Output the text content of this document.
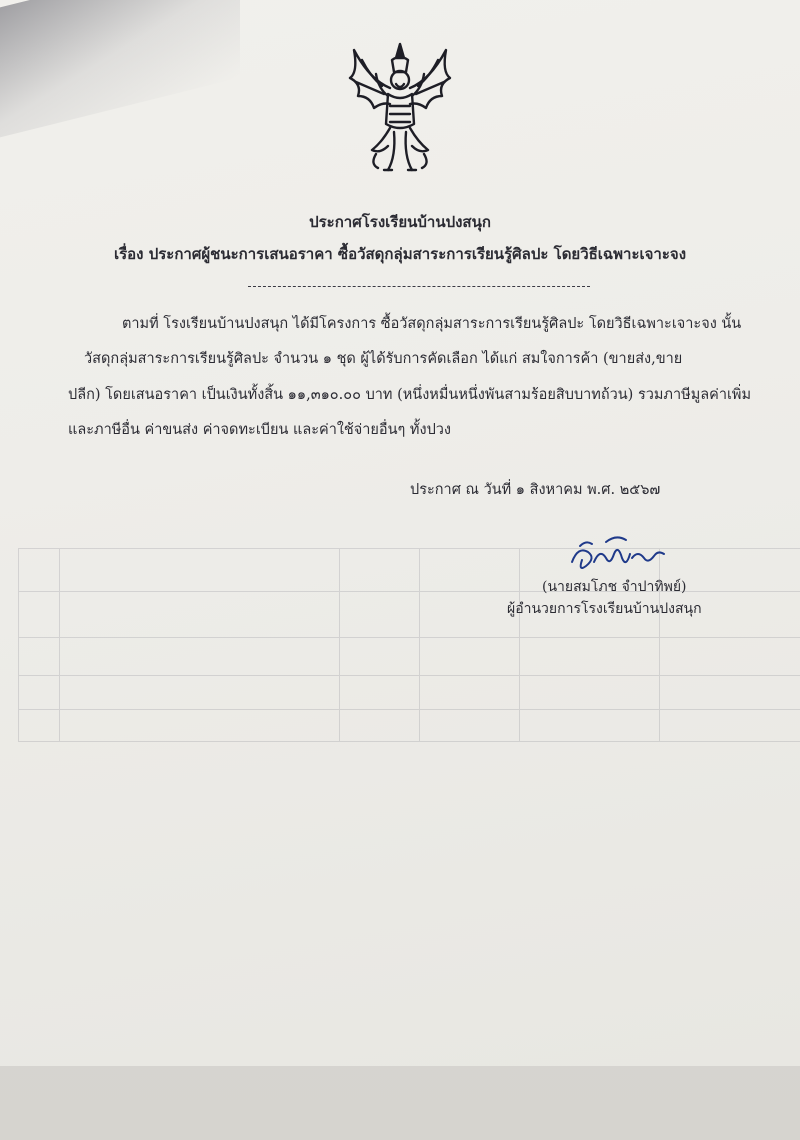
ประกาศโรงเรียนบ้านปงสนุก
เรื่อง ประกาศผู้ชนะการเสนอราคา ซื้อวัสดุกลุ่มสาระการเรียนรู้ศิลปะ โดยวิธีเฉพาะเจาะจง
ตามที่ โรงเรียนบ้านปงสนุก ได้มีโครงการ ซื้อวัสดุกลุ่มสาระการเรียนรู้ศิลปะ โดยวิธีเฉพาะเจาะจง นั้น
วัสดุกลุ่มสาระการเรียนรู้ศิลปะ จำนวน ๑ ชุด ผู้ได้รับการคัดเลือก ได้แก่ สมใจการค้า (ขายส่ง,ขาย
ปลีก) โดยเสนอราคา เป็นเงินทั้งสิ้น ๑๑,๓๑๐.๐๐ บาท (หนึ่งหมื่นหนึ่งพันสามร้อยสิบบาทถ้วน) รวมภาษีมูลค่าเพิ่ม
และภาษีอื่น ค่าขนส่ง ค่าจดทะเบียน และค่าใช้จ่ายอื่นๆ ทั้งปวง
ประกาศ ณ วันที่ ๑ สิงหาคม พ.ศ. ๒๕๖๗
(นายสมโภช จำปาทิพย์)
ผู้อำนวยการโรงเรียนบ้านปงสนุก
